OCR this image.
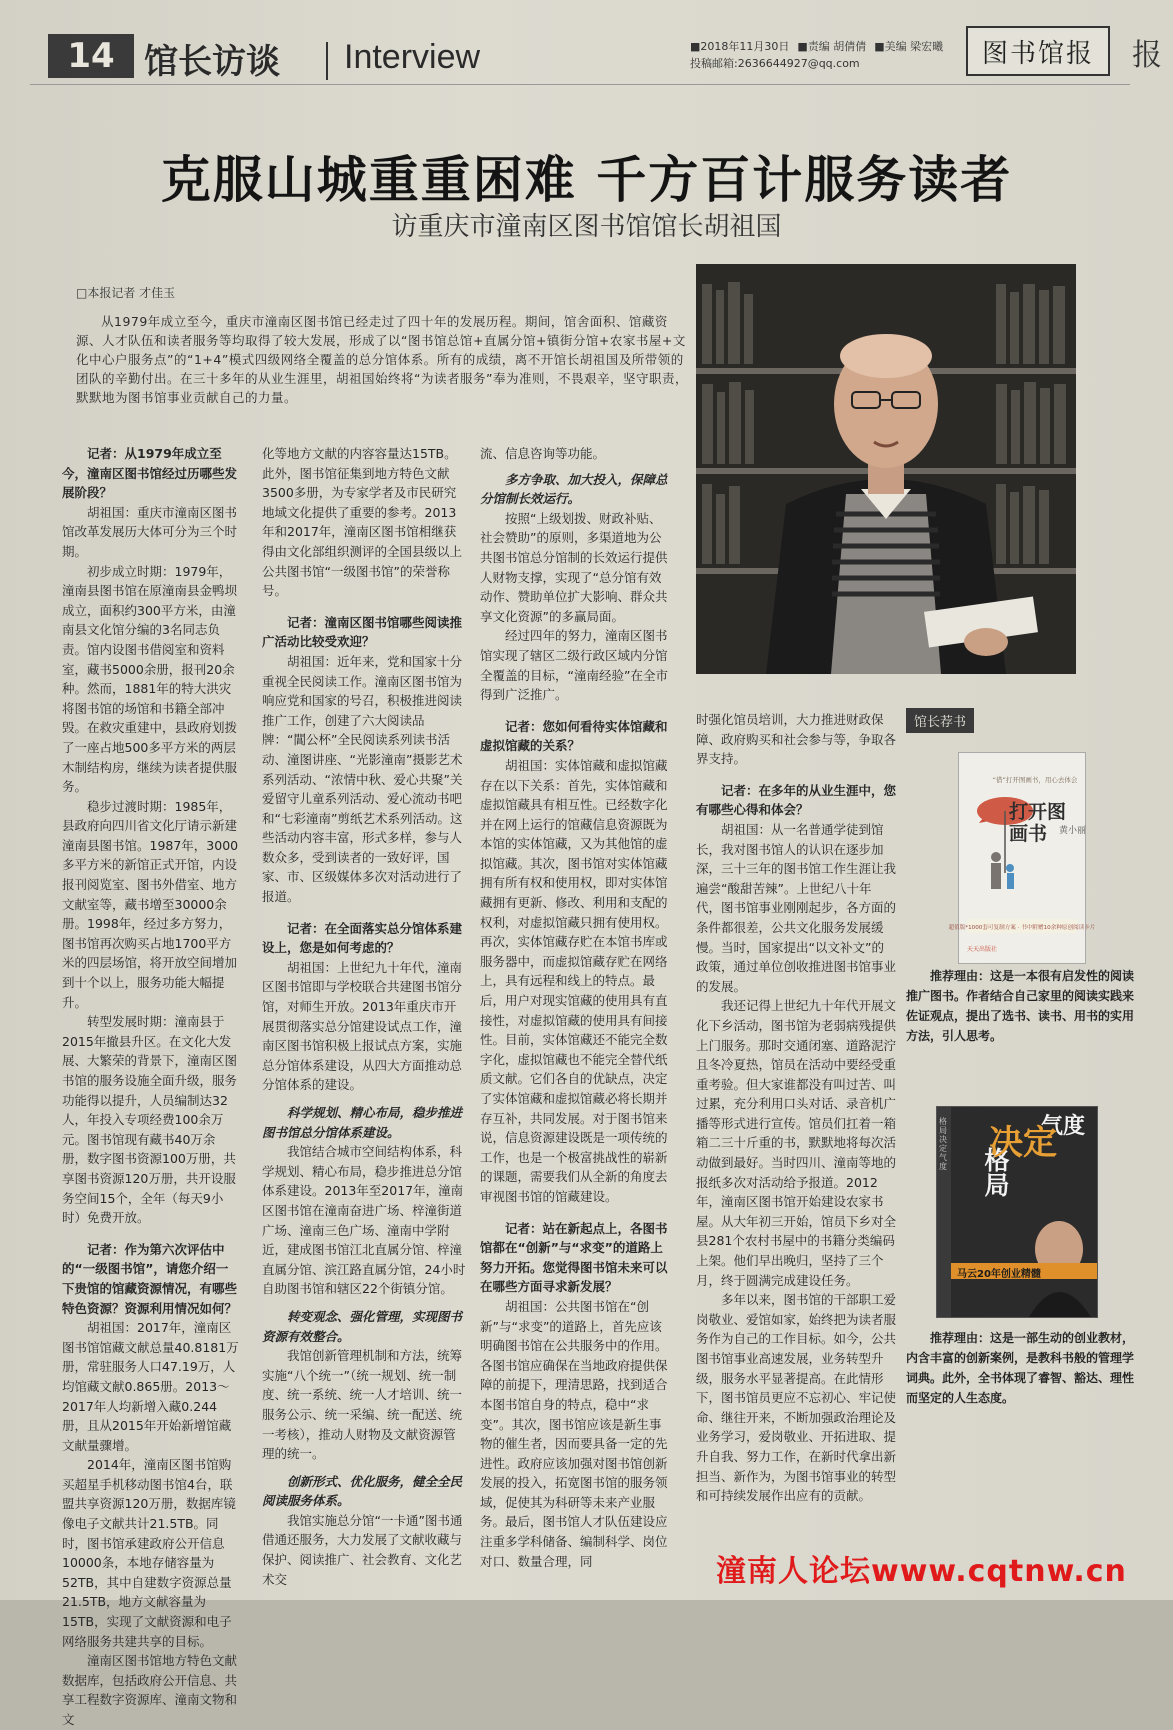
14 馆长访谈 Interview	■2018年11月30日 ■责编 胡倩倩 ■美编 梁宏曦
投稿邮箱:2636644927@qq.com	图书馆报	报
克服山城重重困难 千方百计服务读者
访重庆市潼南区图书馆馆长胡祖国
□本报记者 才佳玉
从1979年成立至今，重庆市潼南区图书馆已经走过了四十年的发展历程。期间，馆舍面积、馆藏资源、人才队伍和读者服务等均取得了较大发展，形成了以“图书馆总馆+直属分馆+镇街分馆+农家书屋+文化中心户服务点”的“1+4”模式四级网络全覆盖的总分馆体系。所有的成绩，离不开馆长胡祖国及所带领的团队的辛勤付出。在三十多年的从业生涯里，胡祖国始终将“为读者服务”奉为准则，不畏艰辛，坚守职责，默默地为图书馆事业贡献自己的力量。

记者：从1979年成立至今，潼南区图书馆经过历哪些发展阶段？

胡祖国：重庆市潼南区图书馆改革发展历大体可分为三个时期。

初步成立时期：1979年，潼南县图书馆在原潼南县金鸭坝成立，面积约300平方米，由潼南县文化馆分编的3名同志负责。馆内设图书借阅室和资料室，藏书5000余册，报刊20余种。然而，1881年的特大洪灾将图书馆的场馆和书籍全部冲毁。在救灾重建中，县政府划拨了一座占地500多平方米的两层木制结构房，继续为读者提供服务。

稳步过渡时期：1985年，县政府向四川省文化厅请示新建潼南县图书馆。1987年，3000多平方米的新馆正式开馆，内设报刊阅览室、图书外借室、地方文献室等，藏书增至30000余册。1998年，经过多方努力，图书馆再次购买占地1700平方米的四层场馆，将开放空间增加到十个以上，服务功能大幅提升。

转型发展时期：潼南县于2015年撤县升区。在文化大发展、大繁荣的背景下，潼南区图书馆的服务设施全面升级，服务功能得以提升，人员编制达32人，年投入专项经费100余万元。图书馆现有藏书40万余册，数字图书资源100万册，共享图书资源120万册，共开设服务空间15个，全年（每天9小时）免费开放。

记者：作为第六次评估中的“一级图书馆”，请您介绍一下贵馆的馆藏资源情况，有哪些特色资源？资源利用情况如何？

胡祖国：2017年，潼南区图书馆馆藏文献总量40.8181万册，常驻服务人口47.19万，人均馆藏文献0.865册。2013～2017年人均新增入藏0.244册，且从2015年开始新增馆藏文献量骤增。

2014年，潼南区图书馆购买超星手机移动图书馆4台，联盟共享资源120万册，数据库镜像电子文献共计21.5TB。同时，图书馆承建政府公开信息10000条，本地存储容量为52TB，其中自建数字资源总量21.5TB，地方文献容量为15TB，实现了文献资源和电子网络服务共建共享的目标。

潼南区图书馆地方特色文献数据库，包括政府公开信息、共享工程数字资源库、潼南文物和文

化等地方文献的内容容量达15TB。此外，图书馆征集到地方特色文献3500多册，为专家学者及市民研究地域文化提供了重要的参考。2013年和2017年，潼南区图书馆相继获得由文化部组织测评的全国县级以上公共图书馆“一级图书馆”的荣誉称号。

记者：潼南区图书馆哪些阅读推广活动比较受欢迎？

胡祖国：近年来，党和国家十分重视全民阅读工作。潼南区图书馆为响应党和国家的号召，积极推进阅读推广工作，创建了六大阅读品牌：“閶公杯”全民阅读系列读书活动、潼图讲座、“光影潼南”摄影艺术系列活动、“浓情中秋、爱心共聚”关爱留守儿童系列活动、爱心流动书吧和“七彩潼南”剪纸艺术系列活动。这些活动内容丰富，形式多样，参与人数众多，受到读者的一致好评，国家、市、区级媒体多次对活动进行了报道。

记者：在全面落实总分馆体系建设上，您是如何考虑的？

胡祖国：上世纪九十年代，潼南区图书馆即与学校联合共建图书馆分馆，对师生开放。2013年重庆市开展贯彻落实总分馆建设试点工作，潼南区图书馆积极上报试点方案，实施总分馆体系建设，从四大方面推动总分馆体系的建设。

科学规划、精心布局，稳步推进图书馆总分馆体系建设。

我馆结合城市空间结构体系，科学规划、精心布局，稳步推进总分馆体系建设。2013年至2017年，潼南区图书馆在潼南奋进广场、梓潼街道广场、潼南三色广场、潼南中学附近，建成图书馆江北直属分馆、梓潼直属分馆、滨江路直属分馆，24小时自助图书馆和辖区22个街镇分馆。

转变观念、强化管理，实现图书资源有效整合。

我馆创新管理机制和方法，统筹实施“八个统一”（统一规划、统一制度、统一系统、统一人才培训、统一服务公示、统一采编、统一配送、统一考核），推动人财物及文献资源管理的统一。

创新形式、优化服务，健全全民阅读服务体系。

我馆实施总分馆“一卡通”图书通借通还服务，大力发展了文献收藏与保护、阅读推广、社会教育、文化艺术交

流、信息咨询等功能。

多方争取、加大投入，保障总分馆制长效运行。

按照“上级划拨、财政补贴、社会赞助”的原则，多渠道地为公共图书馆总分馆制的长效运行提供人财物支撑，实现了“总分馆有效动作、赞助单位扩大影响、群众共享文化资源”的多赢局面。

经过四年的努力，潼南区图书馆实现了辖区二级行政区域内分馆全覆盖的目标，“潼南经验”在全市得到广泛推广。

记者：您如何看待实体馆藏和虚拟馆藏的关系？

胡祖国：实体馆藏和虚拟馆藏存在以下关系：首先，实体馆藏和虚拟馆藏具有相互性。已经数字化并在网上运行的馆藏信息资源既为本馆的实体馆藏，又为其他馆的虚拟馆藏。其次，图书馆对实体馆藏拥有所有权和使用权，即对实体馆藏拥有更新、修改、利用和支配的权利，对虚拟馆藏只拥有使用权。再次，实体馆藏存贮在本馆书库或服务器中，而虚拟馆藏存贮在网络上，具有远程和线上的特点。最后，用户对现实馆藏的使用具有直接性，对虚拟馆藏的使用具有间接性。目前，实体馆藏还不能完全数字化，虚拟馆藏也不能完全替代纸质文献。它们各自的优缺点，决定了实体馆藏和虚拟馆藏必将长期并存互补，共同发展。对于图书馆来说，信息资源建设既是一项传统的工作，也是一个极富挑战性的崭新的课题，需要我们从全新的角度去审视图书馆的馆藏建设。

记者：站在新起点上，各图书馆都在“创新”与“求变”的道路上努力开拓。您觉得图书馆未来可以在哪些方面寻求新发展？

胡祖国：公共图书馆在“创新”与“求变”的道路上，首先应该明确图书馆在公共服务中的作用。各图书馆应确保在当地政府提供保障的前提下，理清思路，找到适合本图书馆自身的特点，稳中“求变”。其次，图书馆应该是新生事物的催生者，因而要具备一定的先进性。政府应该加强对图书馆创新发展的投入，拓宽图书馆的服务领域，促使其为科研等未来产业服务。最后，图书馆人才队伍建设应注重多学科储备、编制科学、岗位对口、数量合理，同

时强化馆员培训，大力推进财政保障、政府购买和社会参与等，争取各界支持。

记者：在多年的从业生涯中，您有哪些心得和体会？

胡祖国：从一名普通学徒到馆长，我对图书馆人的认识在逐步加深，三十三年的图书馆工作生涯让我遍尝“酸甜苦辣”。上世纪八十年代，图书馆事业刚刚起步，各方面的条件都很差，公共文化服务发展缓慢。当时，国家提出“以文补文”的政策，通过单位创收推进图书馆事业的发展。

我还记得上世纪九十年代开展文化下乡活动，图书馆为老弱病残提供上门服务。那时交通闭塞、道路泥泞且冬冷夏热，馆员在活动中要经受重重考验。但大家谁都没有叫过苦、叫过累，充分利用口头对话、录音机广播等形式进行宣传。馆员们扛着一箱箱二三十斤重的书，默默地将每次活动做到最好。当时四川、潼南等地的报纸多次对活动给予报道。2012年，潼南区图书馆开始建设农家书屋。从大年初三开始，馆员下乡对全县281个农村书屋中的书籍分类编码上架。他们早出晚归，坚持了三个月，终于圆满完成建设任务。

多年以来，图书馆的干部职工爱岗敬业、爱馆如家，始终把为读者服务作为自己的工作目标。如今，公共图书馆事业高速发展，业务转型升级，服务水平显著提高。在此情形下，图书馆员更应不忘初心、牢记使命、继往开来，不断加强政治理论及业务学习，爱岗敬业、开拓进取、提升自我、努力工作，在新时代拿出新担当、新作为，为图书馆事业的转型和可持续发展作出应有的贡献。

馆长荐书
黄小丽
超值版*1000套可复制方案 · 书中附赠10余种原创阅读卡片
天天出版社
“借”打开图画书，用心去体会
打开图画书
推荐理由：这是一本很有启发性的阅读推广图书。作者结合自己家里的阅读实践来佐证观点，提出了选书、读书、用书的实用方法，引人思考。
格局决定气度	格局
决定
气度
马云20年创业精髓
推荐理由：这是一部生动的创业教材，内含丰富的创新案例，是教科书般的管理学词典。此外，全书体现了睿智、豁达、理性而坚定的人生态度。
潼南人论坛www.cqtnw.cn
